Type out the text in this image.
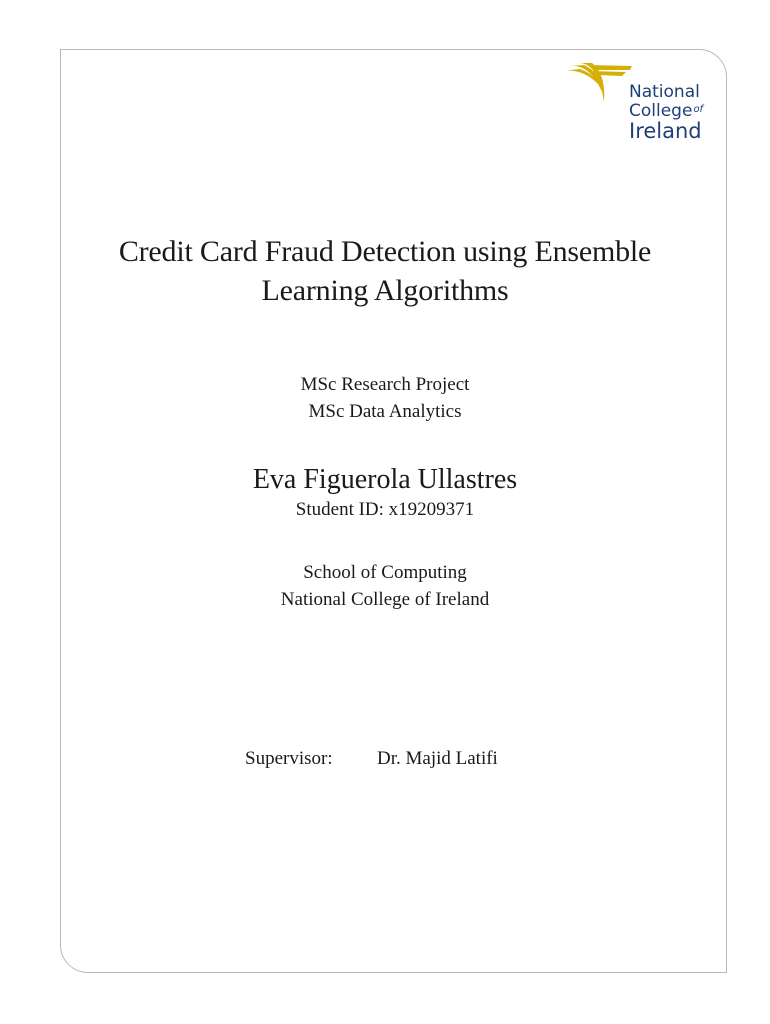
National
College$^{of}$
Ireland
Credit Card Fraud Detection using Ensemble
Learning Algorithms
MSc Research Project
MSc Data Analytics
Eva Figuerola Ullastres
Student ID: x19209371
School of Computing
National College of Ireland
Supervisor: Dr. Majid Latifi
